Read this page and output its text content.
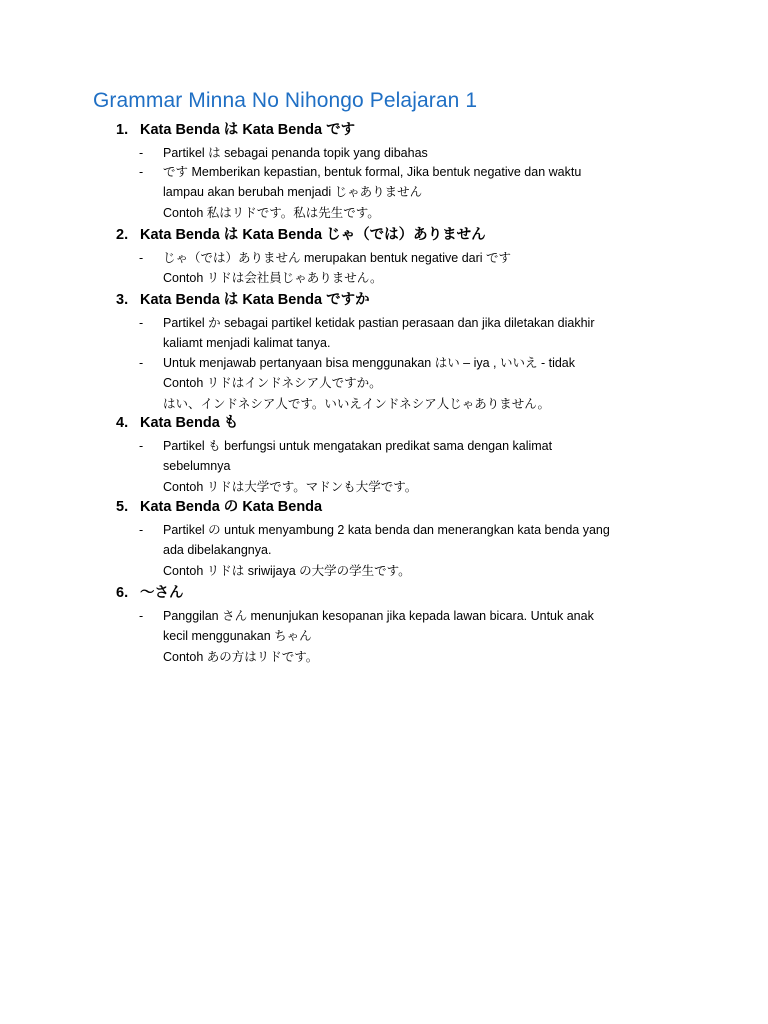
Grammar Minna No Nihongo Pelajaran 1
1. Kata Benda は Kata Benda です
- Partikel は sebagai penanda topik yang dibahas
- です Memberikan kepastian, bentuk formal, Jika bentuk negative dan waktu
lampau akan berubah menjadi じゃありません
Contoh 私はリドです。私は先生です。
2. Kata Benda は Kata Benda じゃ（では）ありません
- じゃ（では）ありません merupakan bentuk negative dari です
Contoh リドは会社員じゃありません。
3. Kata Benda は Kata Benda ですか
- Partikel か sebagai partikel ketidak pastian perasaan dan jika diletakan diakhir
kaliamt menjadi kalimat tanya.
- Untuk menjawab pertanyaan bisa menggunakan はい – iya , いいえ - tidak
Contoh リドはインドネシア人ですか。
はい、インドネシア人です。いいえインドネシア人じゃありません。
4. Kata Benda も
- Partikel も berfungsi untuk mengatakan predikat sama dengan kalimat
sebelumnya
Contoh リドは大学です。マドンも大学です。
5. Kata Benda の Kata Benda
- Partikel の untuk menyambung 2 kata benda dan menerangkan kata benda yang
ada dibelakangnya.
Contoh リドは sriwijaya の大学の学生です。
6. ～さん
- Panggilan さん menunjukan kesopanan jika kepada lawan bicara. Untuk anak
kecil menggunakan ちゃん
Contoh あの方はリドです。
